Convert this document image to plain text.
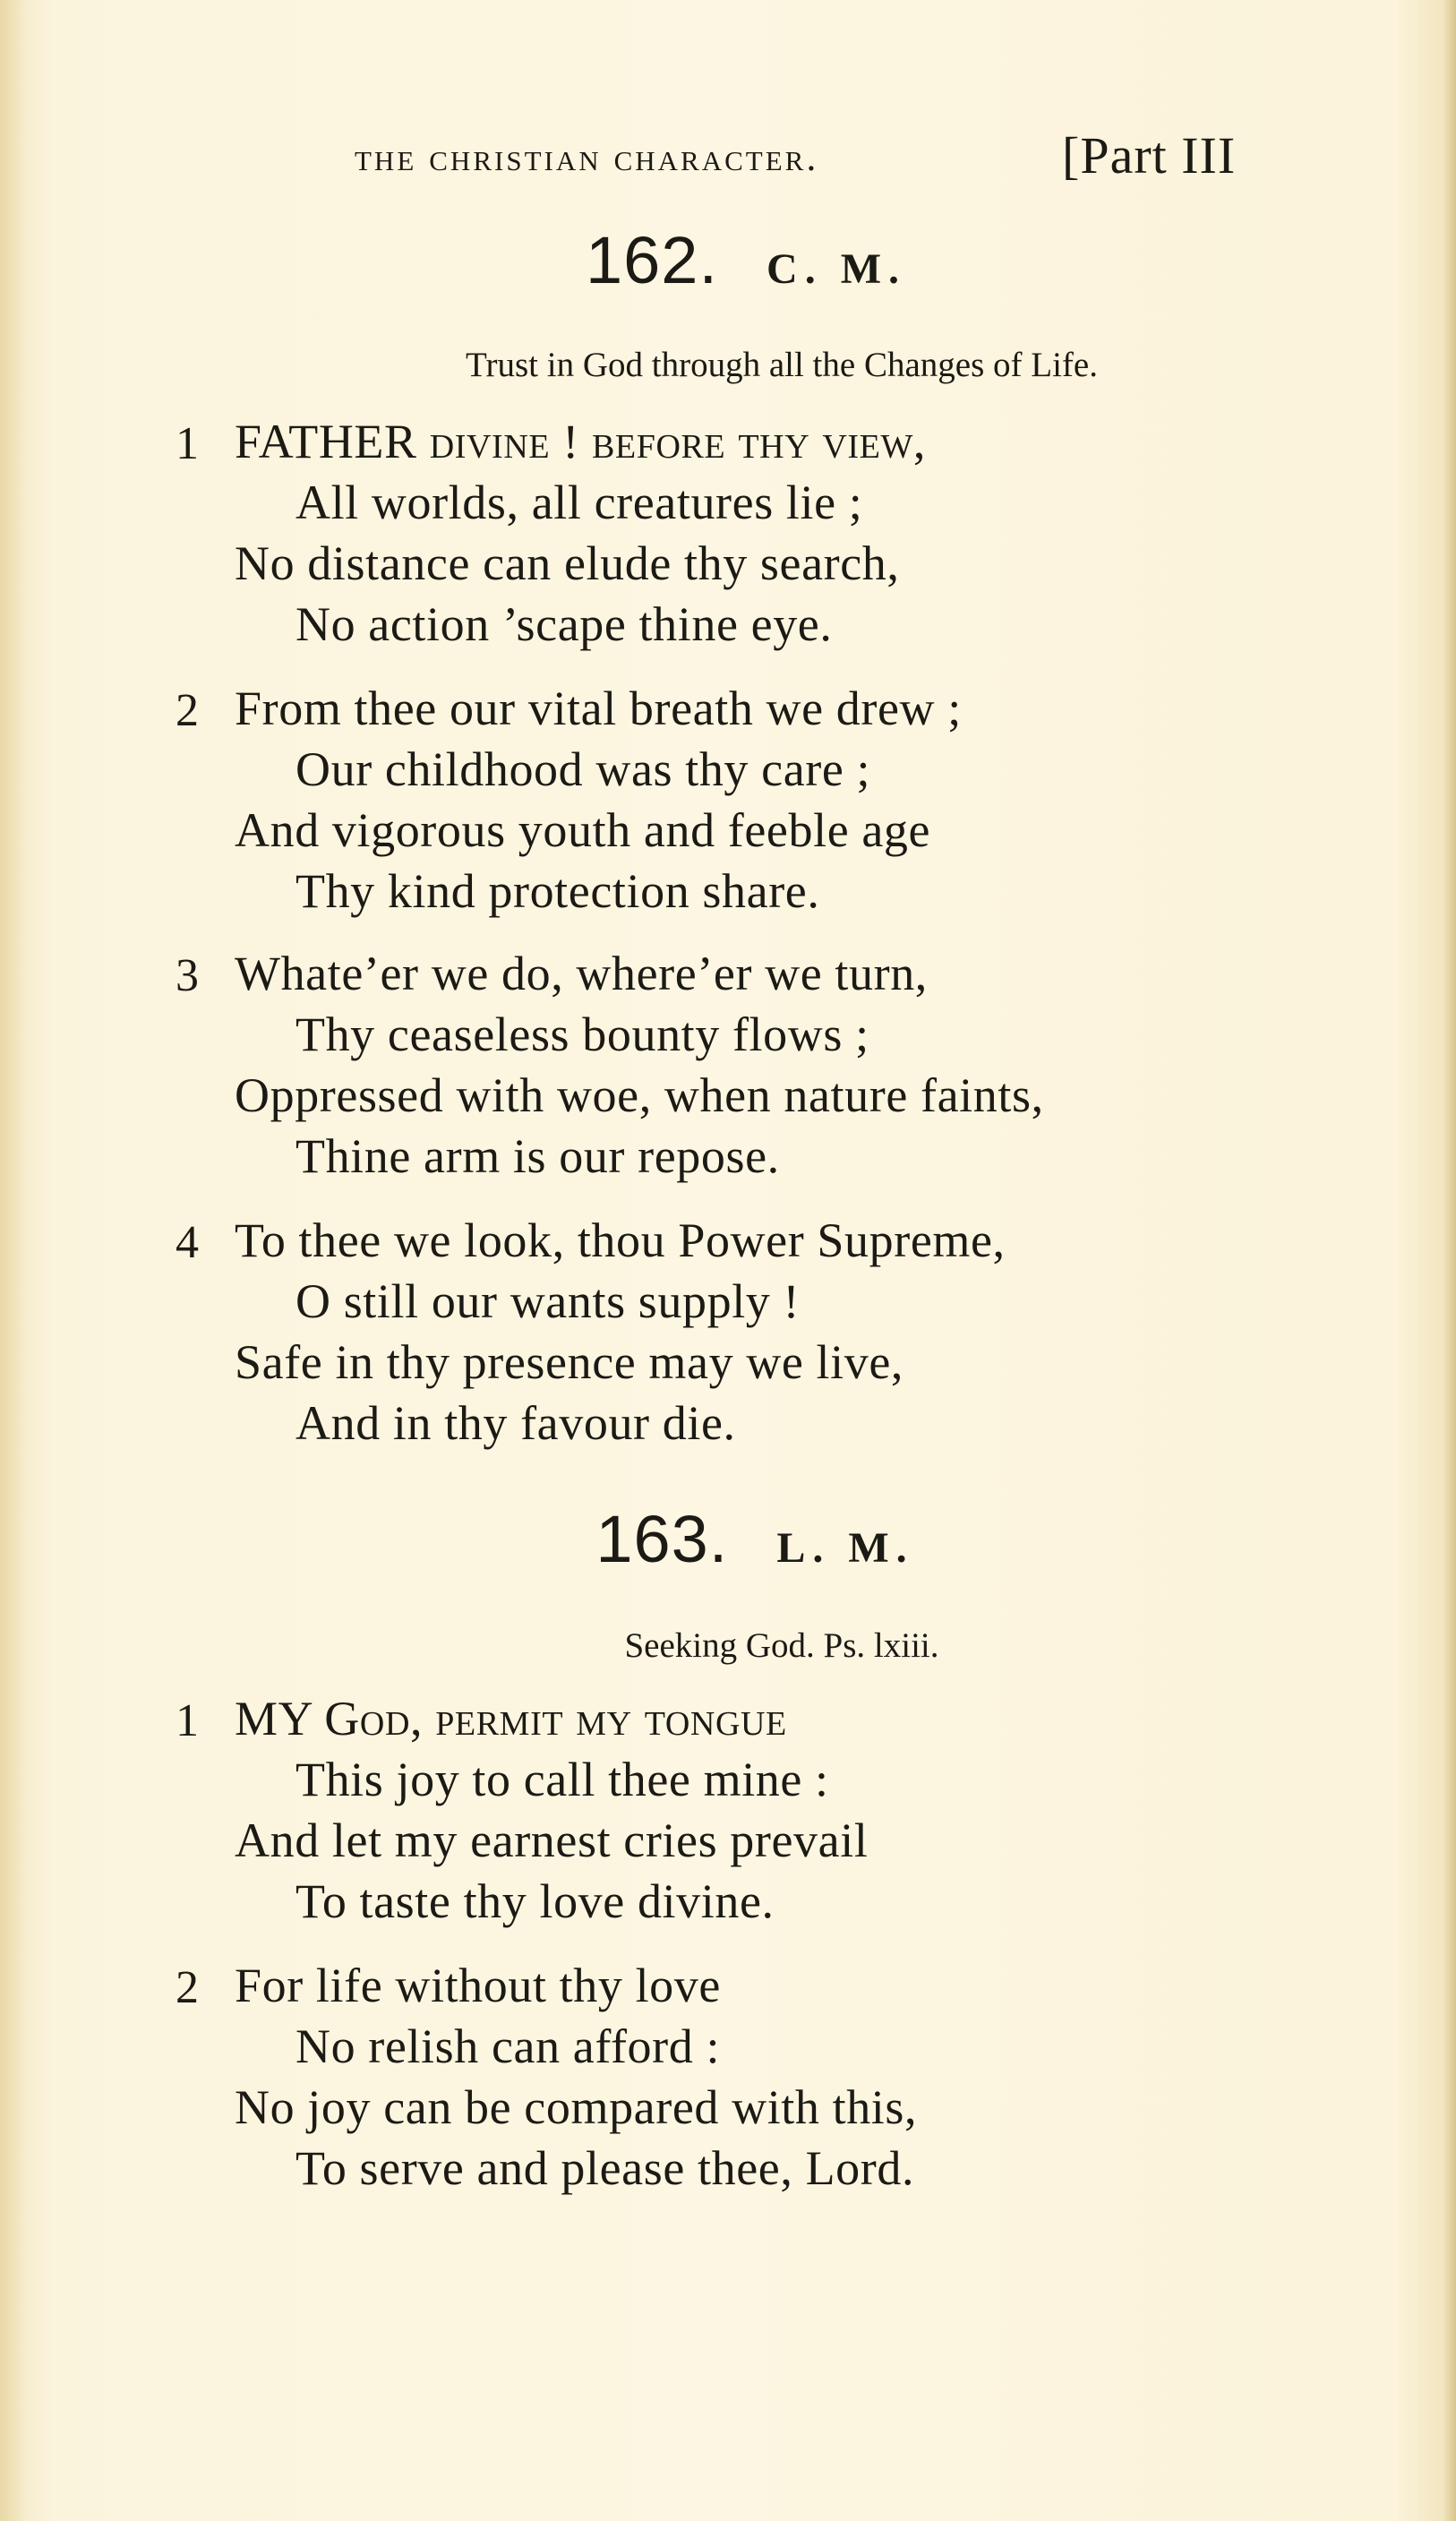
the christian character.	[Part III
162. C. M.
Trust in God through all the Changes of Life.
1 FATHER divine ! before thy view,
All worlds, all creatures lie ;
No distance can elude thy search,
No action ’scape thine eye.
2 From thee our vital breath we drew ;
Our childhood was thy care ;
And vigorous youth and feeble age
Thy kind protection share.
3 Whate’er we do, where’er we turn,
Thy ceaseless bounty flows ;
Oppressed with woe, when nature faints,
Thine arm is our repose.
4 To thee we look, thou Power Supreme,
O still our wants supply !
Safe in thy presence may we live,
And in thy favour die.
163. L. M.
Seeking God. Ps. lxiii.
1 MY God, permit my tongue
This joy to call thee mine :
And let my earnest cries prevail
To taste thy love divine.
2 For life without thy love
No relish can afford :
No joy can be compared with this,
To serve and please thee, Lord.
